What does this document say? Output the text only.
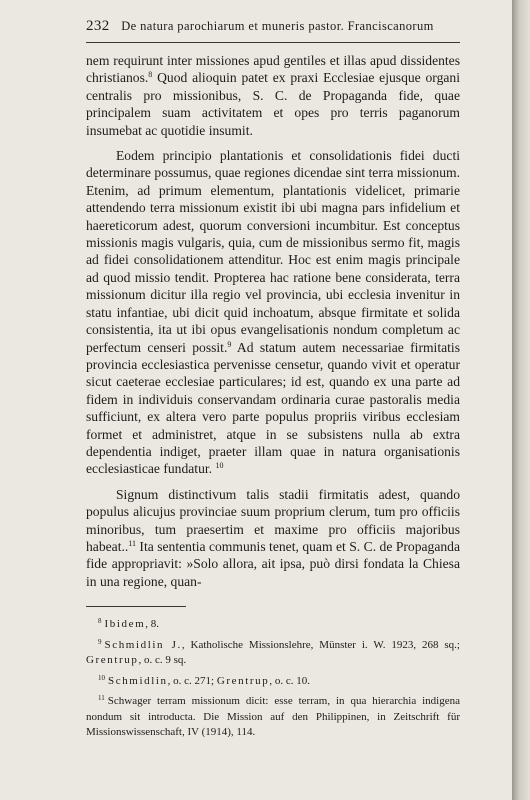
232 De natura parochiarum et muneris pastor. Franciscanorum

nem requirunt inter missiones apud gentiles et illas apud dissidentes christianos.$^8$ Quod alioquin patet ex praxi Ecclesiae ejusque organi centralis pro missionibus, S. C. de Propaganda fide, quae principalem suam activitatem et opes pro terris paganorum insumebat ac quotidie insumit.

Eodem principio plantationis et consolidationis fidei ducti determinare possumus, quae regiones dicendae sint terra missionum. Etenim, ad primum elementum, plantationis videlicet, primarie attendendo terra missionum existit ibi ubi magna pars infidelium et haereticorum adest, quorum conversioni incumbitur. Est conceptus missionis magis vulgaris, quia, cum de missionibus sermo fit, magis ad fidei consolidationem attenditur. Hoc est enim magis principale ad quod missio tendit. Propterea hac ratione bene considerata, terra missionum dicitur illa regio vel provincia, ubi ecclesia invenitur in statu infantiae, ubi dicit quid inchoatum, absque firmitate et solida consistentia, ita ut ibi opus evangelisationis nondum completum ac perfectum censeri possit.$^9$ Ad statum autem necessariae firmitatis provincia ecclesiastica pervenisse censetur, quando vivit et operatur sicut caeterae ecclesiae particulares; id est, quando ex una parte ad fidem in individuis conservandam ordinaria curae pastoralis media sufficiunt, ex altera vero parte populus propriis viribus ecclesiam formet et administret, atque in se subsistens nulla ab extra dependentia indiget, praeter illam quae in natura organisationis ecclesiasticae fundatur. $^{10}$

Signum distinctivum talis stadii firmitatis adest, quando populus alicujus provinciae suum proprium clerum, tum pro officiis minoribus, tum praesertim et maxime pro officiis majoribus habeat..$^{11}$ Ita sententia communis tenet, quam et S. C. de Propaganda fide appropriavit: »Solo allora, ait ipsa, può dirsi fondata la Chiesa in una regione, quan-

$^8$ Ibidem, 8.

$^9$ Schmidlin J., Katholische Missionslehre, Münster i. W. 1923, 268 sq.; Grentrup, o. c. 9 sq.

$^{10}$ Schmidlin, o. c. 271; Grentrup, o. c. 10.

$^{11}$ Schwager terram missionum dicit: esse terram, in qua hierarchia indigena nondum sit introducta. Die Mission auf den Philippinen, in Zeitschrift für Missionswissenschaft, IV (1914), 114.
